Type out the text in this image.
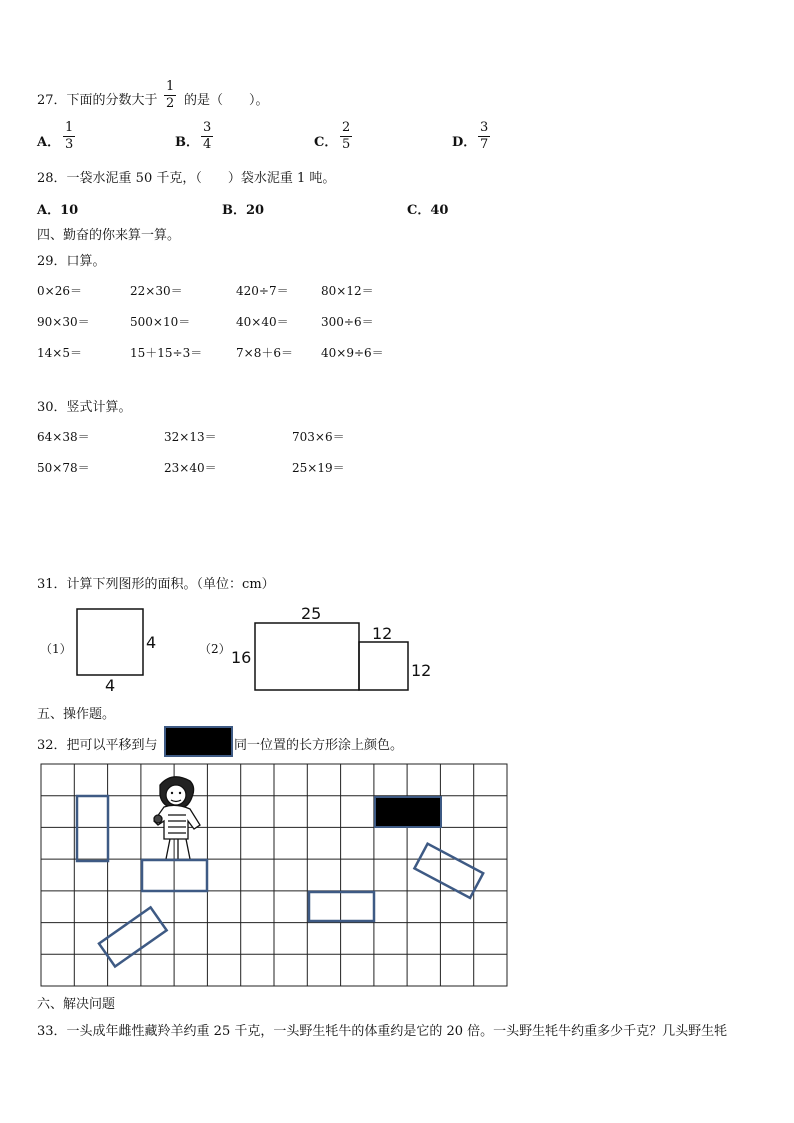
27．下面的分数大于 $\frac{1}{2}$ 的是（　　）。
A． $\frac{1}{3}$	B． $\frac{3}{4}$	C． $\frac{2}{5}$	D． $\frac{3}{7}$
28．一袋水泥重 50 千克，（　　）袋水泥重 1 吨。
A．10	B．20	C．40
四、勤奋的你来算一算。
29．口算。
0×26＝	22×30＝	420÷7＝	80×12＝
90×30＝	500×10＝	40×40＝	300÷6＝
14×5＝	15＋15÷3＝	7×8＋6＝ 40×9÷6＝
30．竖式计算。
64×38＝	32×13＝	703×6＝
50×78＝	23×40＝	25×19＝
31．计算下列图形的面积。（单位：cm）
（1）	4
4
（2）
25
16
12
12
五、操作题。
32．把可以平移到与	同一位置的长方形涂上颜色。
六、解决问题
33．一头成年雌性藏羚羊约重 25 千克，一头野生牦牛的体重约是它的 20 倍。一头野生牦牛约重多少千克？几头野生牦
